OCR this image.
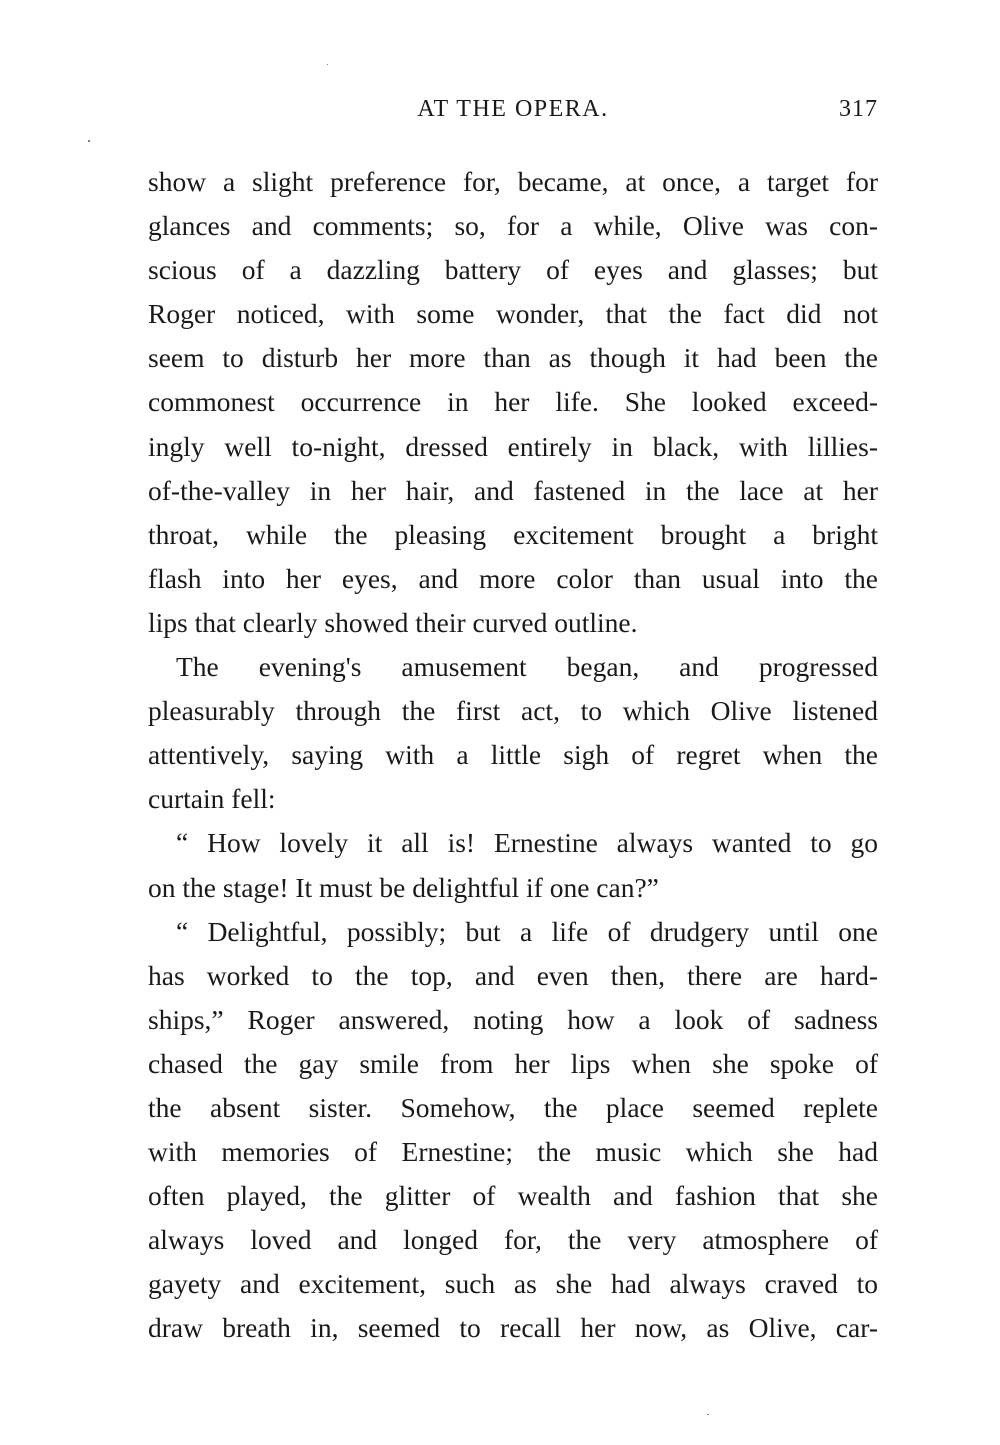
AT THE OPERA.	317
show a slight preference for, became, at once, a target for
glances and comments; so, for a while, Olive was con-
scious of a dazzling battery of eyes and glasses; but
Roger noticed, with some wonder, that the fact did not
seem to disturb her more than as though it had been the
commonest occurrence in her life. She looked exceed-
ingly well to-night, dressed entirely in black, with lillies-
of-the-valley in her hair, and fastened in the lace at her
throat, while the pleasing excitement brought a bright
flash into her eyes, and more color than usual into the
lips that clearly showed their curved outline.
The evening's amusement began, and progressed
pleasurably through the first act, to which Olive listened
attentively, saying with a little sigh of regret when the
curtain fell:
“ How lovely it all is! Ernestine always wanted to go
on the stage! It must be delightful if one can?”
“ Delightful, possibly; but a life of drudgery until one
has worked to the top, and even then, there are hard-
ships,” Roger answered, noting how a look of sadness
chased the gay smile from her lips when she spoke of
the absent sister. Somehow, the place seemed replete
with memories of Ernestine; the music which she had
often played, the glitter of wealth and fashion that she
always loved and longed for, the very atmosphere of
gayety and excitement, such as she had always craved to
draw breath in, seemed to recall her now, as Olive, car-
